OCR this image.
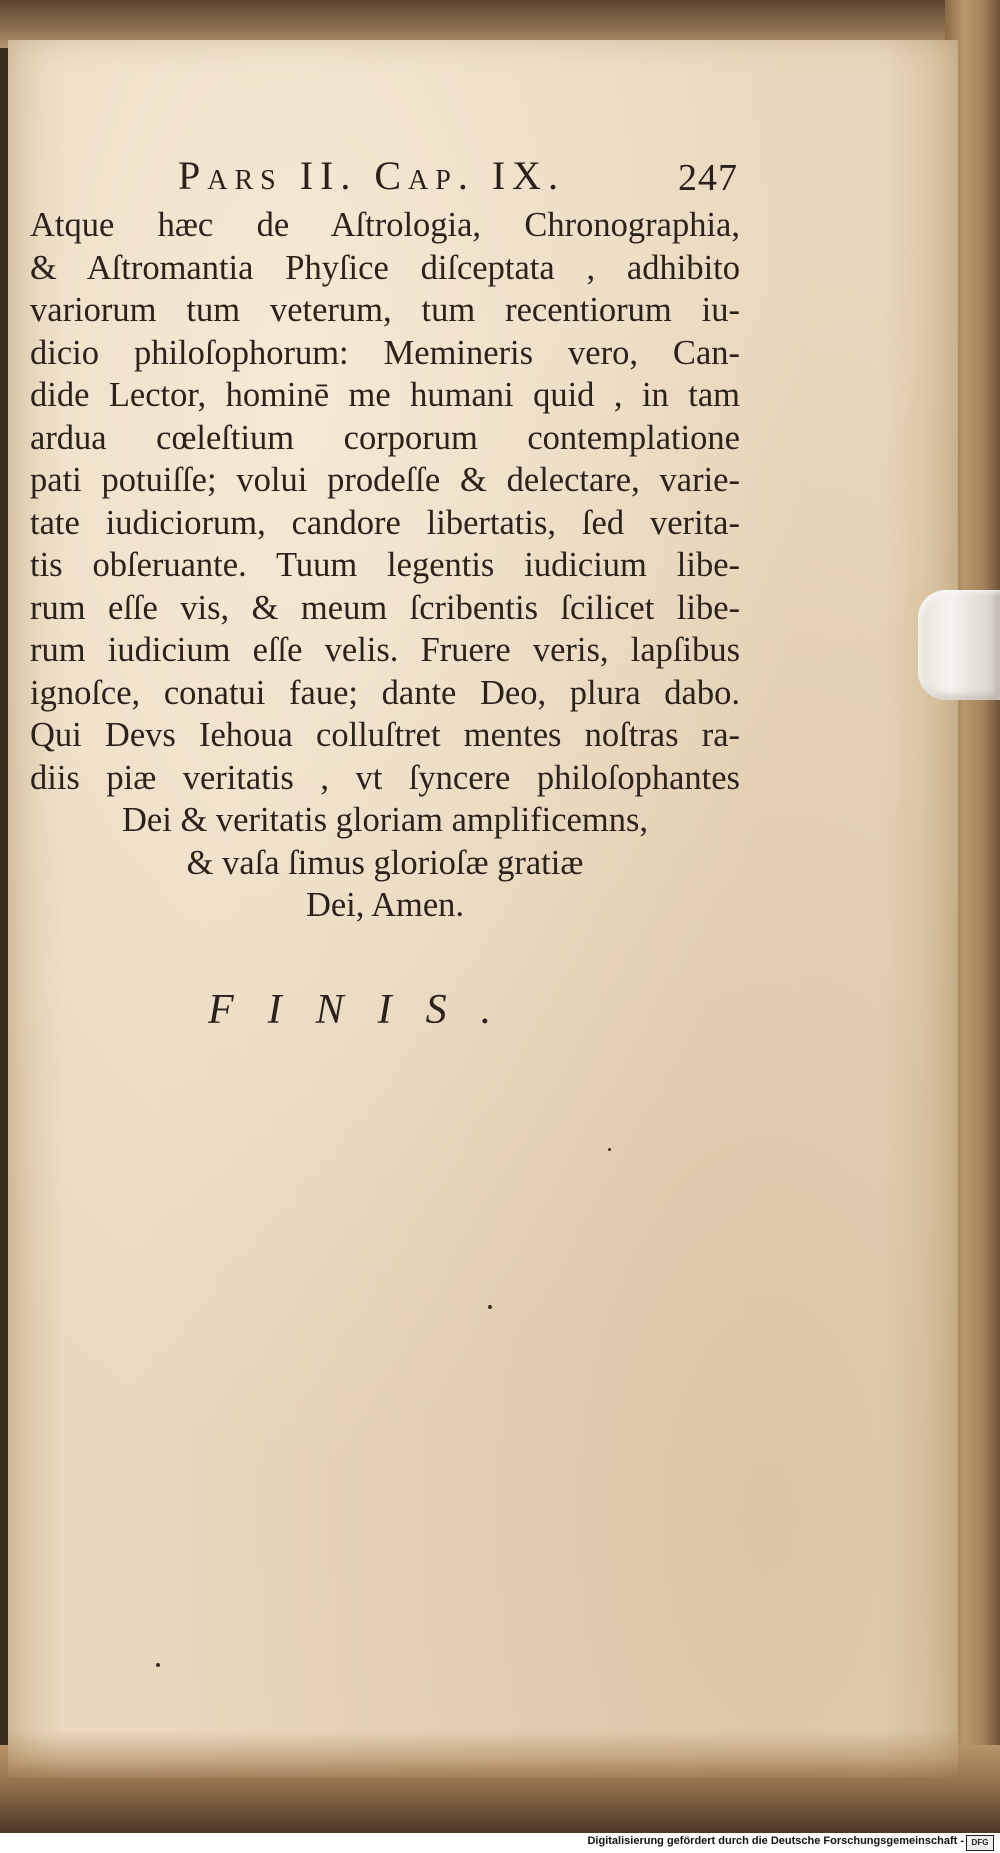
Pars II. Cap. IX.	247
Atque hæc de Aſtrologia, Chronographia,
& Aſtromantia Phyſice diſceptata , adhibito
variorum tum veterum, tum recentiorum iu-
dicio philoſophorum: Memineris vero, Can-
dide Lector, hominē me humani quid , in tam
ardua cœleſtium corporum contemplatione
pati potuiſſe; volui prodeſſe & delectare, varie-
tate iudiciorum, candore libertatis, ſed verita-
tis obſeruante. Tuum legentis iudicium libe-
rum eſſe vis, & meum ſcribentis ſcilicet libe-
rum iudicium eſſe velis. Fruere veris, lapſibus
ignoſce, conatui faue; dante Deo, plura dabo.
Qui Devs Iehoua colluſtret mentes noſtras ra-
diis piæ veritatis , vt ſyncere philoſophantes
Dei & veritatis gloriam amplificemns,
& vaſa ſimus glorioſæ gratiæ
Dei, Amen.
FINIS.
Digitalisierung gefördert durch die Deutsche Forschungsgemeinschaft - DFG
